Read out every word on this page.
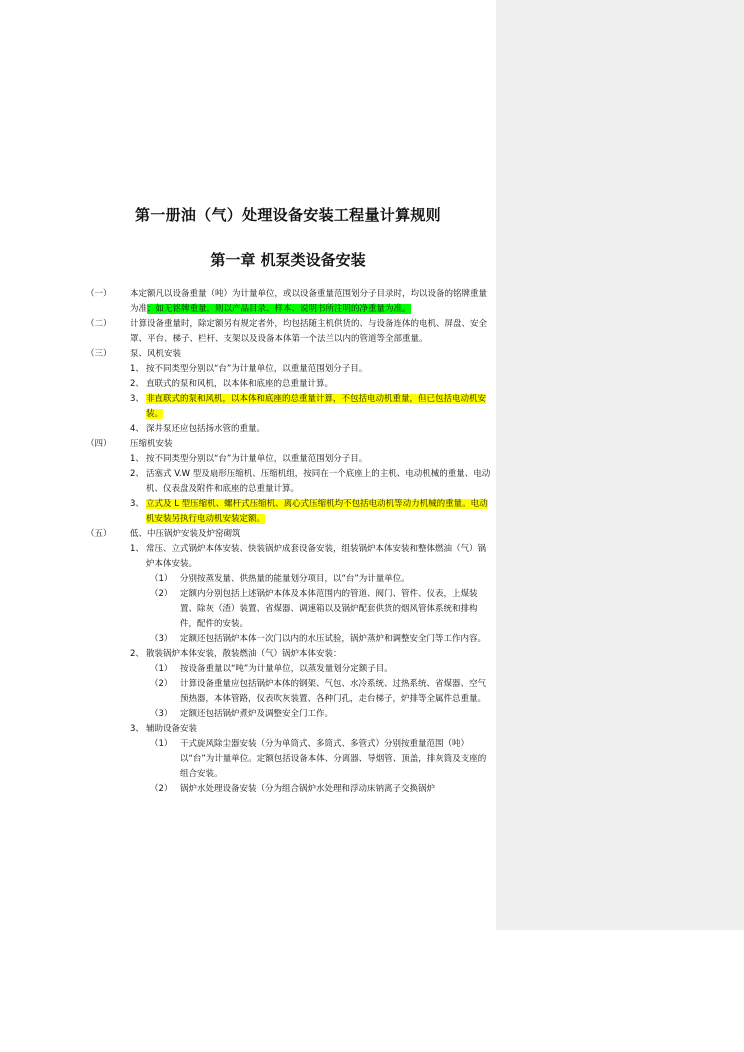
第一册油（气）处理设备安装工程量计算规则
第一章 机泵类设备安装
（一） 本定额凡以设备重量（吨）为计量单位，或以设备重量范围划分子目录时，均以设备的铭牌重量为准；如无铭牌重量，则以产品目录、样本、说明书所注明的净重量为准。
（二） 计算设备重量时，除定额另有规定者外，均包括随主机供货的、与设备连体的电机、屏盘、安全罩、平台、梯子、栏杆、支架以及设备本体第一个法兰以内的管道等全部重量。
（三） 泵、风机安装
1、 按不同类型分别以“台”为计量单位，以重量范围划分子目。
2、 直联式的泵和风机，以本体和底座的总重量计算。
3、 非直联式的泵和风机，以本体和底座的总重量计算，不包括电动机重量，但已包括电动机安装。
4、 深井泵还应包括扬水管的重量。
（四） 压缩机安装
1、 按不同类型分别以“台”为计量单位，以重量范围划分子目。
2、 活塞式 V.W 型及扇形压缩机、压缩机组，按同在一个底座上的主机、电动机械的重量、电动机、仪表盘及附件和底座的总重量计算。
3、 立式及 L 型压缩机、螺杆式压缩机、离心式压缩机均不包括电动机等动力机械的重量。电动机安装另执行电动机安装定额。
（五） 低、中压锅炉安装及炉窑砌筑
1、 常压、立式锅炉本体安装、快装锅炉成套设备安装，组装锅炉本体安装和整体燃油（气）锅炉本体安装。
（1） 分别按蒸发量、供热量的能量划分项目，以“台”为计量单位。
（2） 定额内分别包括上述锅炉本体及本体范围内的管道、阀门、管件、仪表，上煤装置、除灰（渣）装置、省煤器、调速箱以及锅炉配套供货的烟风管体系统和排构件，配件的安装。
（3） 定额还包括锅炉本体一次门以内的水压试验，锅炉蒸炉和调整安全门等工作内容。
2、 散装锅炉本体安装，散装燃油（气）锅炉本体安装：
（1） 按设备重量以“吨”为计量单位，以蒸发量划分定额子目。
（2） 计算设备重量应包括锅炉本体的钢架、气包、水冷系统、过热系统、省煤器、空气预热器，本体管路，仪表吹灰装置、各种门孔，走台梯子，炉排等全属件总重量。
（3） 定额还包括锅炉煮炉及调整安全门工作。
3、 辅助设备安装
（1） 干式旋风除尘器安装（分为单筒式、多筒式、多管式）分别按重量范围（吨）以“台”为计量单位。定额包括设备本体、分离器、导烟管、顶盖，排灰筒及支座的组合安装。
（2） 锅炉水处理设备安装（分为组合锅炉水处理和浮动床钠离子交换锅炉
